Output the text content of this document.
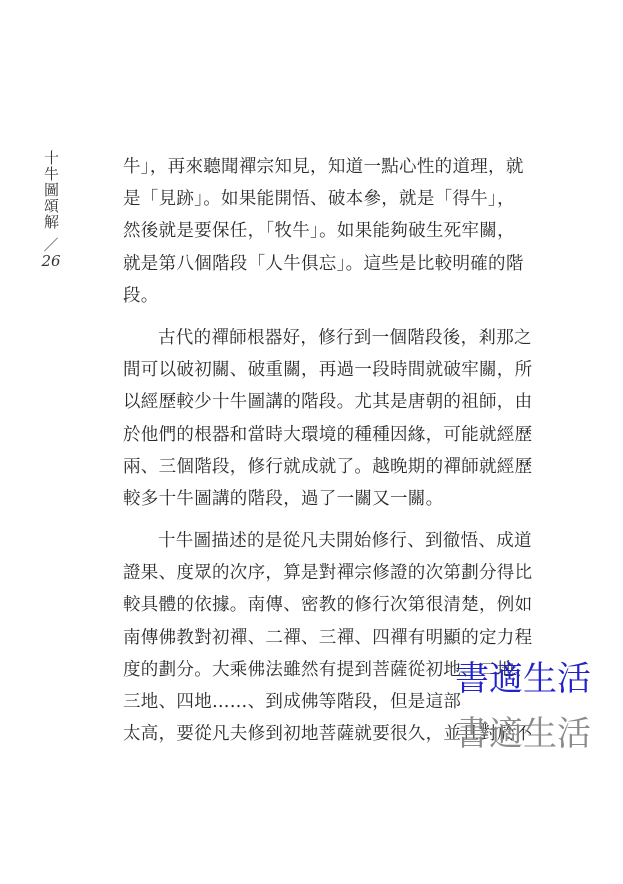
十牛圖頌解
／
26
牛」，再來聽聞禪宗知見，知道一點心性的道理，就
是「見跡」。如果能開悟、破本參，就是「得牛」，
然後就是要保任，「牧牛」。如果能夠破生死牢關，
就是第八個階段「人牛俱忘」。這些是比較明確的階
段。
古代的禪師根器好，修行到一個階段後，剎那之
間可以破初關、破重關，再過一段時間就破牢關，所
以經歷較少十牛圖講的階段。尤其是唐朝的祖師，由
於他們的根器和當時大環境的種種因緣，可能就經歷
兩、三個階段，修行就成就了。越晚期的禪師就經歷
較多十牛圖講的階段，過了一關又一關。
十牛圖描述的是從凡夫開始修行、到徹悟、成道
證果、度眾的次序，算是對禪宗修證的次第劃分得比
較具體的依據。南傳、密教的修行次第很清楚，例如
南傳佛教對初禪、二禪、三禪、四禪有明顯的定力程
度的劃分。大乘佛法雖然有提到菩薩從初地、二地、
三地、四地……、到成佛等階段，但是這部
太高，要從凡夫修到初地菩薩就要很久，並且對於不
書適生活
書適生活
